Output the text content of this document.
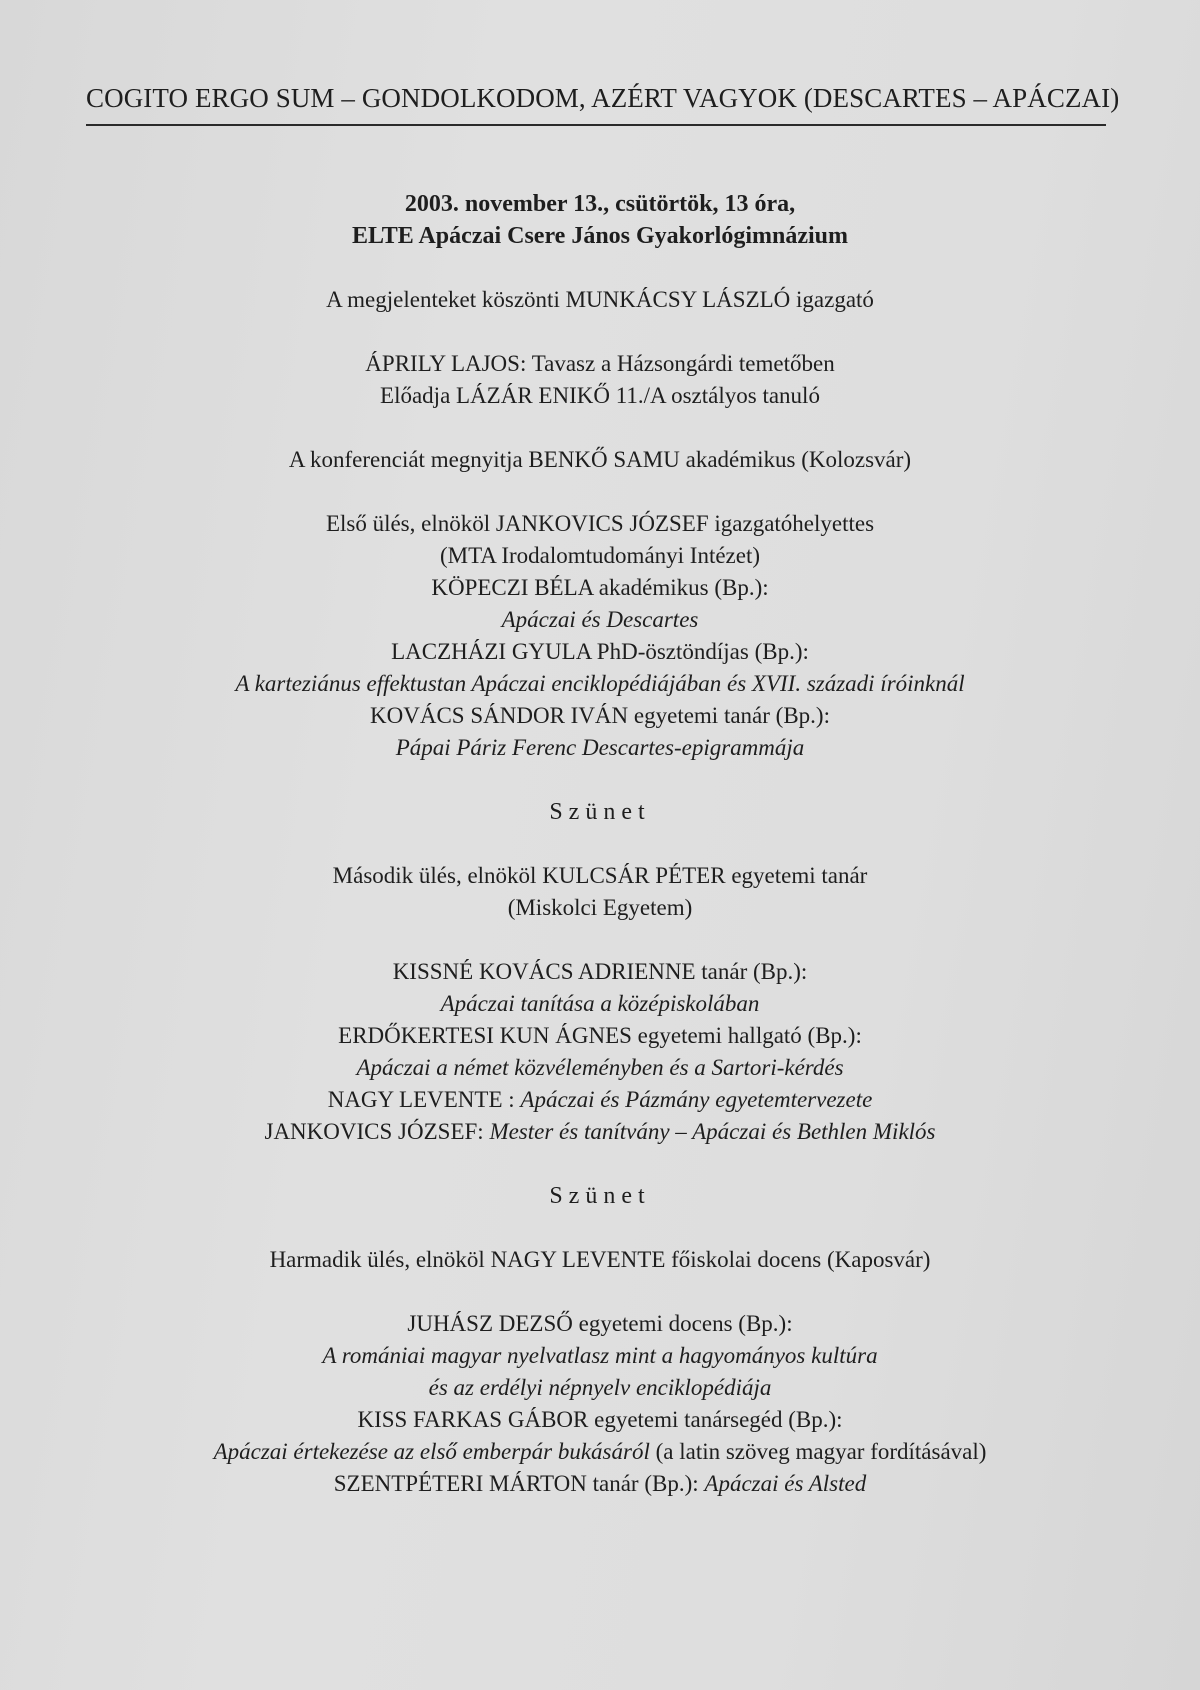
COGITO ERGO SUM – GONDOLKODOM, AZÉRT VAGYOK (DESCARTES – APÁCZAI)
2003. november 13., csütörtök, 13 óra,
ELTE Apáczai Csere János Gyakorlógimnázium
A megjelenteket köszönti MUNKÁCSY LÁSZLÓ igazgató
ÁPRILY LAJOS: Tavasz a Házsongárdi temetőben
Előadja LÁZÁR ENIKŐ 11./A osztályos tanuló
A konferenciát megnyitja BENKŐ SAMU akadémikus (Kolozsvár)
Első ülés, elnököl JANKOVICS JÓZSEF igazgatóhelyettes
(MTA Irodalomtudományi Intézet)
KÖPECZI BÉLA akadémikus (Bp.):
Apáczai és Descartes
LACZHÁZI GYULA PhD-ösztöndíjas (Bp.):
A karteziánus effektustan Apáczai enciklopédiájában és XVII. századi íróinknál
KOVÁCS SÁNDOR IVÁN egyetemi tanár (Bp.):
Pápai Páriz Ferenc Descartes-epigrammája
Szünet
Második ülés, elnököl KULCSÁR PÉTER egyetemi tanár
(Miskolci Egyetem)
KISSNÉ KOVÁCS ADRIENNE tanár (Bp.):
Apáczai tanítása a középiskolában
ERDŐKERTESI KUN ÁGNES egyetemi hallgató (Bp.):
Apáczai a német közvéleményben és a Sartori-kérdés
NAGY LEVENTE : Apáczai és Pázmány egyetemtervezete
JANKOVICS JÓZSEF: Mester és tanítvány – Apáczai és Bethlen Miklós
Szünet
Harmadik ülés, elnököl NAGY LEVENTE főiskolai docens (Kaposvár)
JUHÁSZ DEZSŐ egyetemi docens (Bp.):
A romániai magyar nyelvatlasz mint a hagyományos kultúra
és az erdélyi népnyelv enciklopédiája
KISS FARKAS GÁBOR egyetemi tanársegéd (Bp.):
Apáczai értekezése az első emberpár bukásáról (a latin szöveg magyar fordításával)
SZENTPÉTERI MÁRTON tanár (Bp.): Apáczai és Alsted
